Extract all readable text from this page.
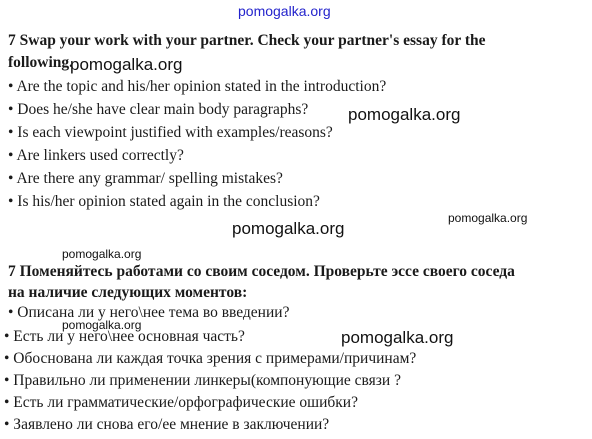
pomogalka.org
7 Swap your work with your partner. Check your partner's essay for the
following.
pomogalka.org
• Are the topic and his/her opinion stated in the introduction?
• Does he/she have clear main body paragraphs? pomogalka.org
• Is each viewpoint justified with examples/reasons?
• Are linkers used correctly?
• Are there any grammar/ spelling mistakes?
• Is his/her opinion stated again in the conclusion?
pomogalka.org
pomogalka.org
pomogalka.org
7 Поменяйтесь работами со своим соседом. Проверьте эссе своего соседа
на наличие следующих моментов:
• Описана ли у него\нее тема во введении?
pomogalka.org
• Есть ли у него\нее основная часть?	pomogalka.org
• Обоснована ли каждая точка зрения с примерами/причинам?
• Правильно ли применении линкеры(компонующие связи ?
• Есть ли грамматические/орфографические ошибки?
• Заявлено ли снова его/ее мнение в заключении?
